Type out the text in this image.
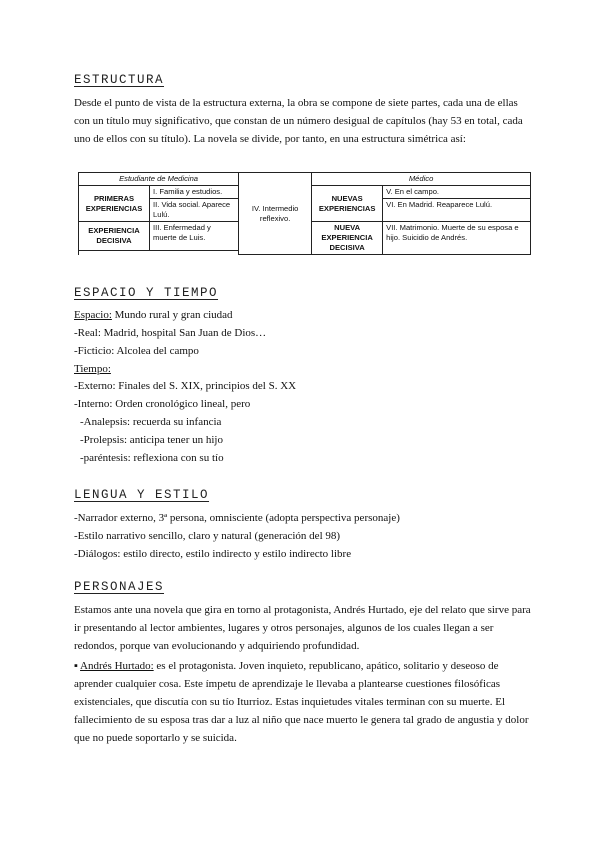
ESTRUCTURA

Desde el punto de vista de la estructura externa, la obra se compone de siete partes, cada una de ellas con un título muy significativo, que constan de un número desigual de capítulos (hay 53 en total, cada uno de ellos con su título). La novela se divide, por tanto, en una estructura simétrica así:

Estudiante de Medicina		IV. Intermedio reflexivo.	Médico	
PRIMERAS EXPERIENCIAS	I. Familia y estudios.		NUEVAS EXPERIENCIAS	V. En el campo.
	II. Vida social. Aparece Lulú.			VI. En Madrid. Reaparece Lulú.
EXPERIENCIA DECISIVA	III. Enfermedad y muerte de Luis.		NUEVA EXPERIENCIA DECISIVA	VII. Matrimonio. Muerte de su esposa e hijo. Suicidio de Andrés.

ESPACIO Y TIEMPO

Espacio: Mundo rural y gran ciudad

-Real: Madrid, hospital San Juan de Dios…

-Ficticio: Alcolea del campo

Tiempo:

-Externo: Finales del S. XIX, principios del S. XX

-Interno: Orden cronológico lineal, pero

-Analepsis: recuerda su infancia

-Prolepsis: anticipa tener un hijo

-paréntesis: reflexiona con su tío

LENGUA Y ESTILO

-Narrador externo, 3ª persona, omnisciente (adopta perspectiva personaje)

-Estilo narrativo sencillo, claro y natural (generación del 98)

-Diálogos: estilo directo, estilo indirecto y estilo indirecto libre

PERSONAJES

Estamos ante una novela que gira en torno al protagonista, Andrés Hurtado, eje del relato que sirve para ir presentando al lector ambientes, lugares y otros personajes, algunos de los cuales llegan a ser redondos, porque van evolucionando y adquiriendo profundidad.

▪ Andrés Hurtado: es el protagonista. Joven inquieto, republicano, apático, solitario y deseoso de aprender cualquier cosa. Este ímpetu de aprendizaje le llevaba a plantearse cuestiones filosóficas existenciales, que discutía con su tío Iturrioz. Estas inquietudes vitales terminan con su muerte. El fallecimiento de su esposa tras dar a luz al niño que nace muerto le genera tal grado de angustia y dolor que no puede soportarlo y se suicida.
